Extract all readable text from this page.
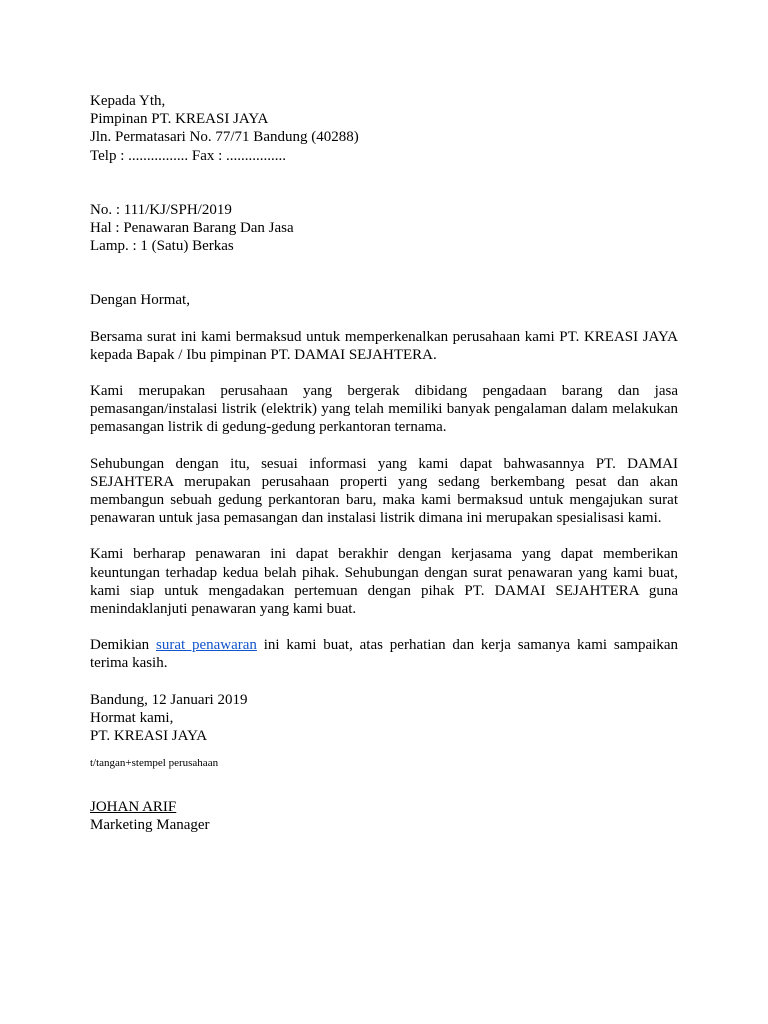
Kepada Yth,
Pimpinan PT. KREASI JAYA
Jln. Permatasari No. 77/71 Bandung (40288)
Telp : ................ Fax : ................
No. : 111/KJ/SPH/2019
Hal : Penawaran Barang Dan Jasa
Lamp. : 1 (Satu) Berkas

Dengan Hormat,

Bersama surat ini kami bermaksud untuk memperkenalkan perusahaan kami PT. KREASI JAYA kepada Bapak / Ibu pimpinan PT. DAMAI SEJAHTERA.

Kami merupakan perusahaan yang bergerak dibidang pengadaan barang dan jasa pemasangan/instalasi listrik (elektrik) yang telah memiliki banyak pengalaman dalam melakukan pemasangan listrik di gedung-gedung perkantoran ternama.

Sehubungan dengan itu, sesuai informasi yang kami dapat bahwasannya PT. DAMAI SEJAHTERA merupakan perusahaan properti yang sedang berkembang pesat dan akan membangun sebuah gedung perkantoran baru, maka kami bermaksud untuk mengajukan surat penawaran untuk jasa pemasangan dan instalasi listrik dimana ini merupakan spesialisasi kami.

Kami berharap penawaran ini dapat berakhir dengan kerjasama yang dapat memberikan keuntungan terhadap kedua belah pihak. Sehubungan dengan surat penawaran yang kami buat, kami siap untuk mengadakan pertemuan dengan pihak PT. DAMAI SEJAHTERA guna menindaklanjuti penawaran yang kami buat.

Demikian surat penawaran ini kami buat, atas perhatian dan kerja samanya kami sampaikan terima kasih.

Bandung, 12 Januari 2019
Hormat kami,
PT. KREASI JAYA
t/tangan+stempel perusahaan
JOHAN ARIF
Marketing Manager
